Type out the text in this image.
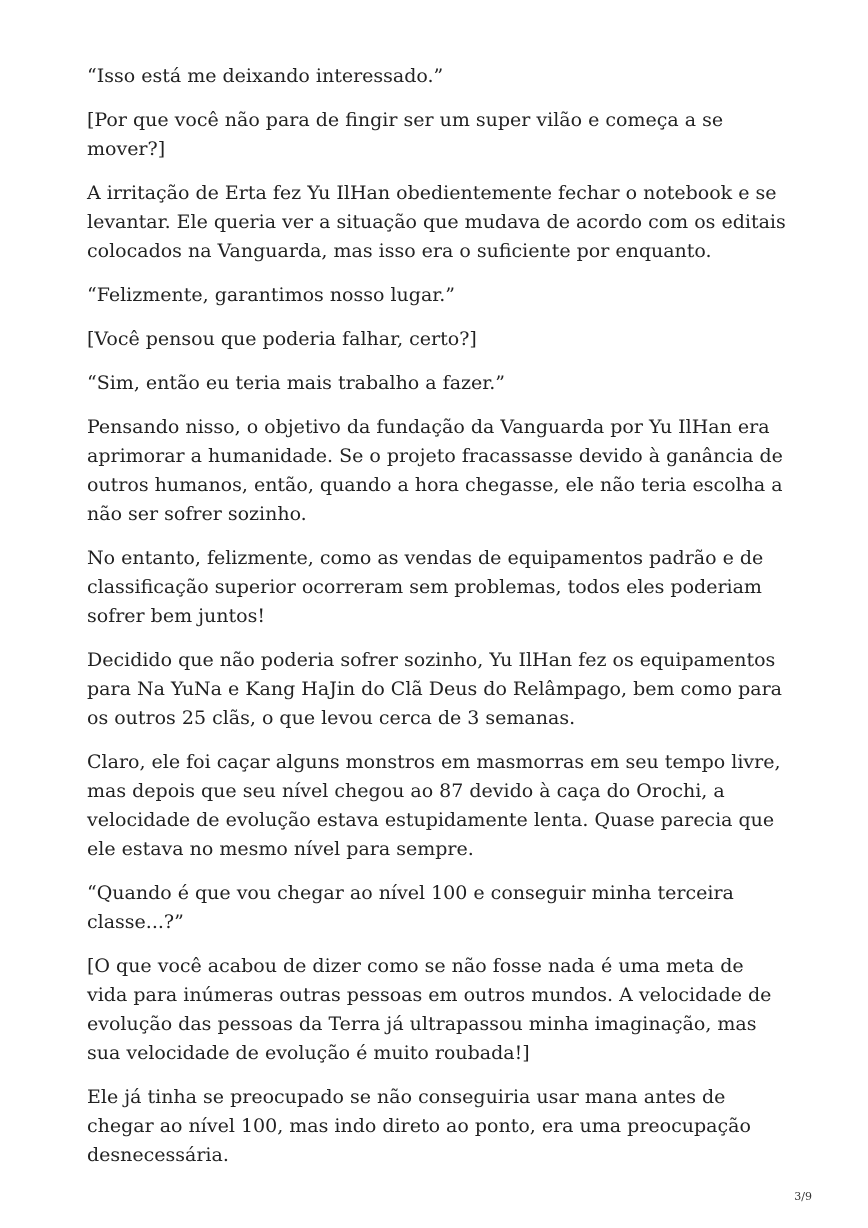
“Isso está me deixando interessado.”

[Por que você não para de fingir ser um super vilão e começa a se mover?]

A irritação de Erta fez Yu IlHan obedientemente fechar o notebook e se levantar. Ele queria ver a situação que mudava de acordo com os editais colocados na Vanguarda, mas isso era o suficiente por enquanto.

“Felizmente, garantimos nosso lugar.”

[Você pensou que poderia falhar, certo?]

“Sim, então eu teria mais trabalho a fazer.”

Pensando nisso, o objetivo da fundação da Vanguarda por Yu IlHan era aprimorar a humanidade. Se o projeto fracassasse devido à ganância de outros humanos, então, quando a hora chegasse, ele não teria escolha a não ser sofrer sozinho.

No entanto, felizmente, como as vendas de equipamentos padrão e de classificação superior ocorreram sem problemas, todos eles poderiam sofrer bem juntos!

Decidido que não poderia sofrer sozinho, Yu IlHan fez os equipamentos para Na YuNa e Kang HaJin do Clã Deus do Relâmpago, bem como para os outros 25 clãs, o que levou cerca de 3 semanas.

Claro, ele foi caçar alguns monstros em masmorras em seu tempo livre, mas depois que seu nível chegou ao 87 devido à caça do Orochi, a velocidade de evolução estava estupidamente lenta. Quase parecia que ele estava no mesmo nível para sempre.

“Quando é que vou chegar ao nível 100 e conseguir minha terceira classe...?”

[O que você acabou de dizer como se não fosse nada é uma meta de vida para inúmeras outras pessoas em outros mundos. A velocidade de evolução das pessoas da Terra já ultrapassou minha imaginação, mas sua velocidade de evolução é muito roubada!]

Ele já tinha se preocupado se não conseguiria usar mana antes de chegar ao nível 100, mas indo direto ao ponto, era uma preocupação desnecessária.

3/9
